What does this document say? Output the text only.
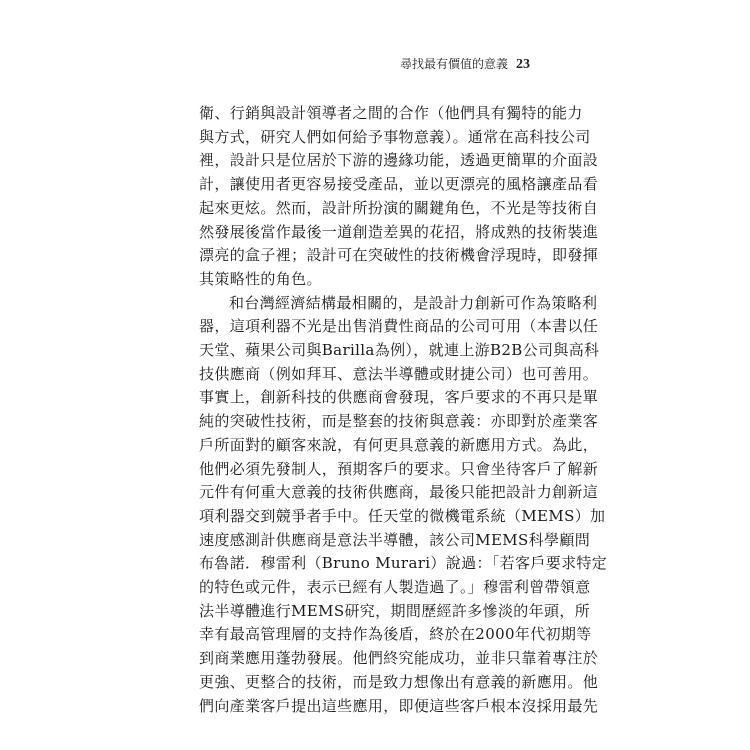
尋找最有價值的意義 23

衛、行銷與設計領導者之間的合作（他們具有獨特的能力
與方式，研究人們如何給予事物意義）。通常在高科技公司
裡，設計只是位居於下游的邊緣功能，透過更簡單的介面設
計，讓使用者更容易接受產品，並以更漂亮的風格讓產品看
起來更炫。然而，設計所扮演的關鍵角色，不光是等技術自
然發展後當作最後一道創造差異的花招，將成熟的技術裝進
漂亮的盒子裡；設計可在突破性的技術機會浮現時，即發揮
其策略性的角色。

和台灣經濟結構最相關的，是設計力創新可作為策略利
器，這項利器不光是出售消費性商品的公司可用（本書以任
天堂、蘋果公司與Barilla為例），就連上游B2B公司與高科
技供應商（例如拜耳、意法半導體或財捷公司）也可善用。
事實上，創新科技的供應商會發現，客戶要求的不再只是單
純的突破性技術，而是整套的技術與意義：亦即對於產業客
戶所面對的顧客來說，有何更具意義的新應用方式。為此，
他們必須先發制人，預期客戶的要求。只會坐待客戶了解新
元件有何重大意義的技術供應商，最後只能把設計力創新這
項利器交到競爭者手中。任天堂的微機電系統（MEMS）加
速度感測計供應商是意法半導體，該公司MEMS科學顧問
布魯諾．穆雷利（Bruno Murari）說過：「若客戶要求特定
的特色或元件，表示已經有人製造過了。」穆雷利曾帶領意
法半導體進行MEMS研究，期間歷經許多慘淡的年頭，所
幸有最高管理層的支持作為後盾，終於在2000年代初期等
到商業應用蓬勃發展。他們終究能成功，並非只靠着專注於
更強、更整合的技術，而是致力想像出有意義的新應用。他
們向產業客戶提出這些應用，即便這些客戶根本沒採用最先
